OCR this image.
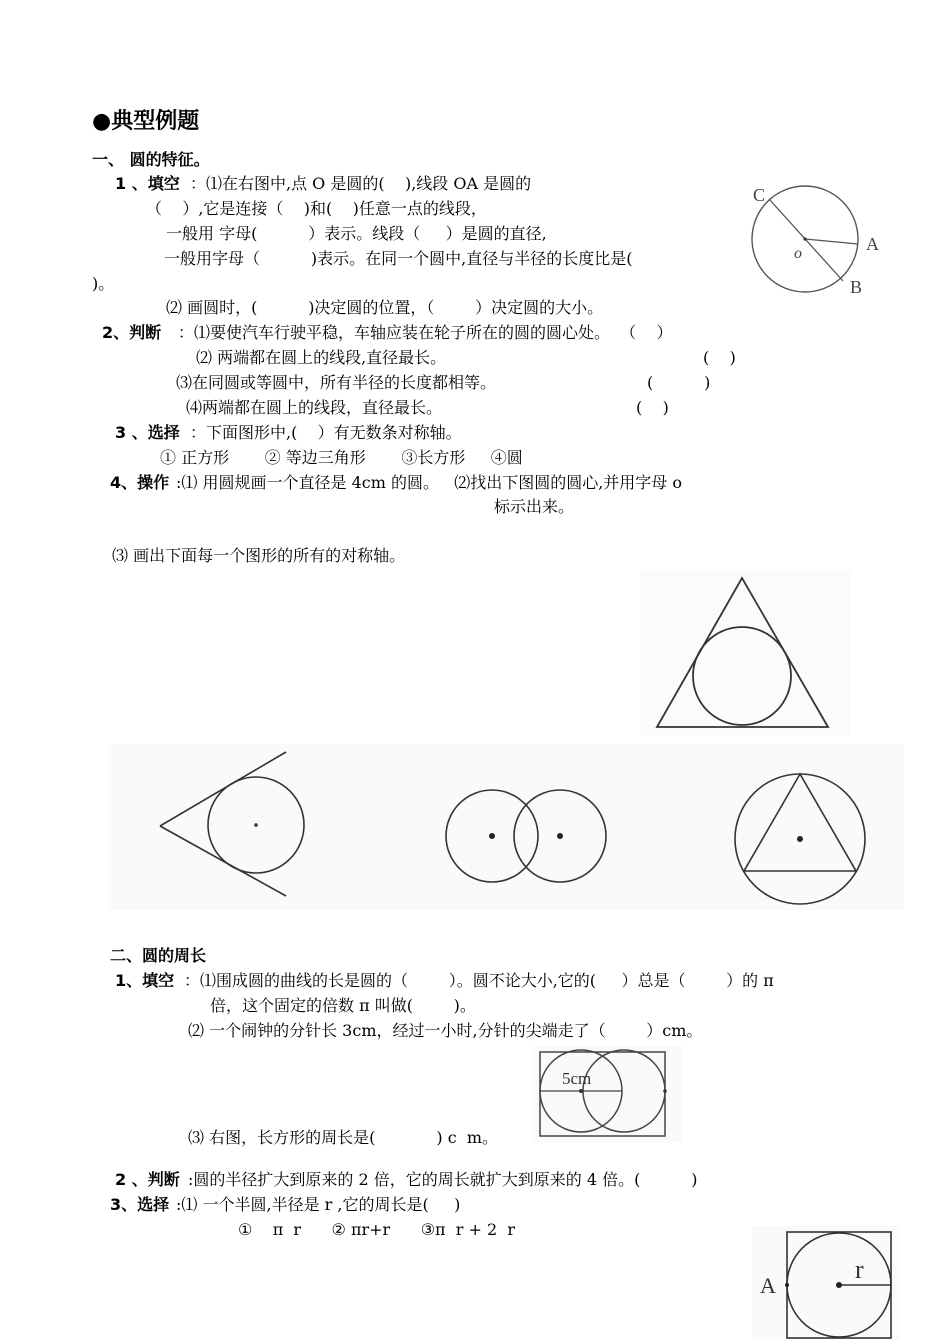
●典型例题
一、 圆的特征。
1 、填空 ：⑴在右图中,点 O 是圆的(    ),线段 OA 是圆的
（    ）,它是连接（    )和(    )任意一点的线段，
一般用 字母(          ）表示。线段（     ）是圆的直径,
一般用字母（          )表示。在同一个圆中,直径与半径的长度比是(
)。
⑵ 画圆时，(          )决定圆的位置，（        ）决定圆的大小。
C
A
B
o
2、判断 ：⑴要使汽车行驶平稳，车轴应装在轮子所在的圆的圆心处。  （    ）
⑵ 两端都在圆上的线段,直径最长。	(    )
⑶在同圆或等圆中，所有半径的长度都相等。	(          )
⑷两端都在圆上的线段，直径最长。	(    )
3 、选择 ：下面图形中,(    ）有无数条对称轴。
① 正方形       ② 等边三角形       ③长方形     ④圆
4、操作 :⑴ 用圆规画一个直径是 4cm 的圆。   ⑵找出下图圆的圆心,并用字母 o
标示出来。
⑶ 画出下面每一个图形的所有的对称轴。
二、圆的周长
1、填空 ：⑴围成圆的曲线的长是圆的（        ）。圆不论大小,它的(     ）总是（        ）的 π
倍，这个固定的倍数 π 叫做(        )。
⑵ 一个闹钟的分针长 3cm，经过一小时,分针的尖端走了（        ）cm。
⑶ 右图，长方形的周长是(            ) c  m。
5cm
2 、判断 :圆的半径扩大到原来的 2 倍，它的周长就扩大到原来的 4 倍。(          )
3、选择 :⑴ 一个半圆,半径是 r ,它的周长是(     )
①    π  r      ② πr+r      ③π  r + 2  r
A
r
